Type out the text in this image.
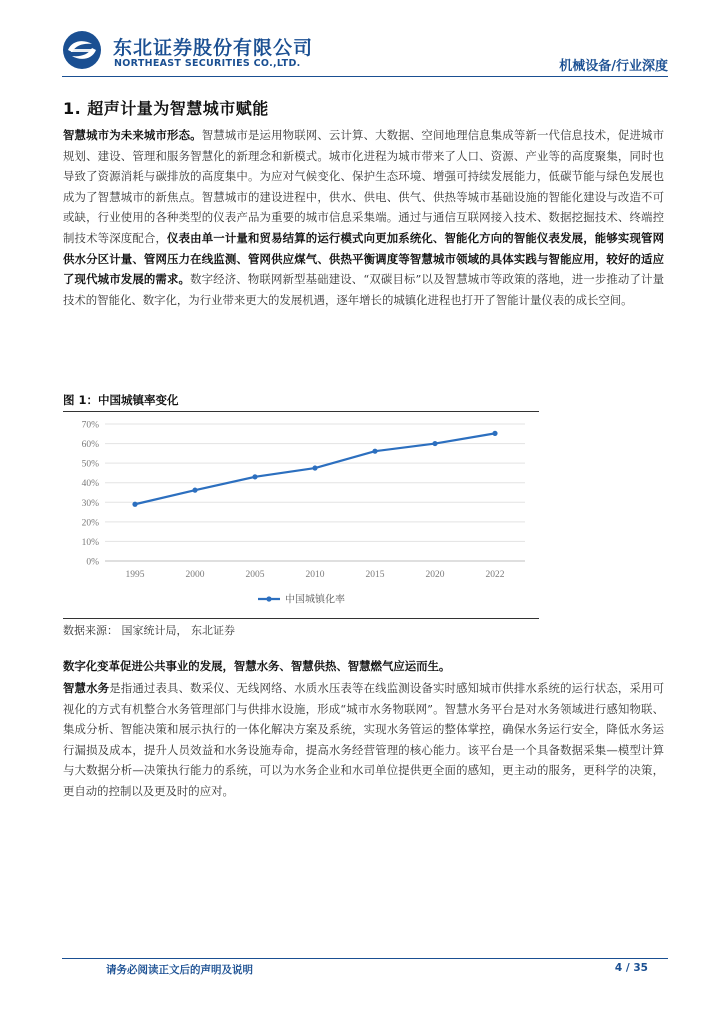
东北证券股份有限公司
NORTHEAST SECURITIES CO.,LTD.	机械设备/行业深度
1. 超声计量为智慧城市赋能

智慧城市为未来城市形态。智慧城市是运用物联网、云计算、大数据、空间地理信息集成等新一代信息技术，促进城市规划、建设、管理和服务智慧化的新理念和新模式。城市化进程为城市带来了人口、资源、产业等的高度聚集，同时也导致了资源消耗与碳排放的高度集中。为应对气候变化、保护生态环境、增强可持续发展能力，低碳节能与绿色发展也成为了智慧城市的新焦点。智慧城市的建设进程中，供水、供电、供气、供热等城市基础设施的智能化建设与改造不可或缺，行业使用的各种类型的仪表产品为重要的城市信息采集端。通过与通信互联网接入技术、数据挖掘技术、终端控制技术等深度配合，仪表由单一计量和贸易结算的运行模式向更加系统化、智能化方向的智能仪表发展，能够实现管网供水分区计量、管网压力在线监测、管网供应煤气、供热平衡调度等智慧城市领域的具体实践与智能应用，较好的适应了现代城市发展的需求。数字经济、物联网新型基础建设、“双碳目标”以及智慧城市等政策的落地，进一步推动了计量技术的智能化、数字化，为行业带来更大的发展机遇，逐年增长的城镇化进程也打开了智能计量仪表的成长空间。

图 1：中国城镇率变化
0%
10%
20%
30%
40%
50%
60%
70%
1995	2000	2005	2010	2015	2020	2022
中国城镇化率
数据来源： 国家统计局， 东北证券

数字化变革促进公共事业的发展，智慧水务、智慧供热、智慧燃气应运而生。

智慧水务是指通过表具、数采仪、无线网络、水质水压表等在线监测设备实时感知城市供排水系统的运行状态，采用可视化的方式有机整合水务管理部门与供排水设施，形成“城市水务物联网”。智慧水务平台是对水务领域进行感知物联、集成分析、智能决策和展示执行的一体化解决方案及系统，实现水务管运的整体掌控，确保水务运行安全，降低水务运行漏损及成本，提升人员效益和水务设施寿命，提高水务经营管理的核心能力。该平台是一个具备数据采集—模型计算与大数据分析—决策执行能力的系统，可以为水务企业和水司单位提供更全面的感知，更主动的服务，更科学的决策，更自动的控制以及更及时的应对。

请务必阅读正文后的声明及说明	4 / 35
